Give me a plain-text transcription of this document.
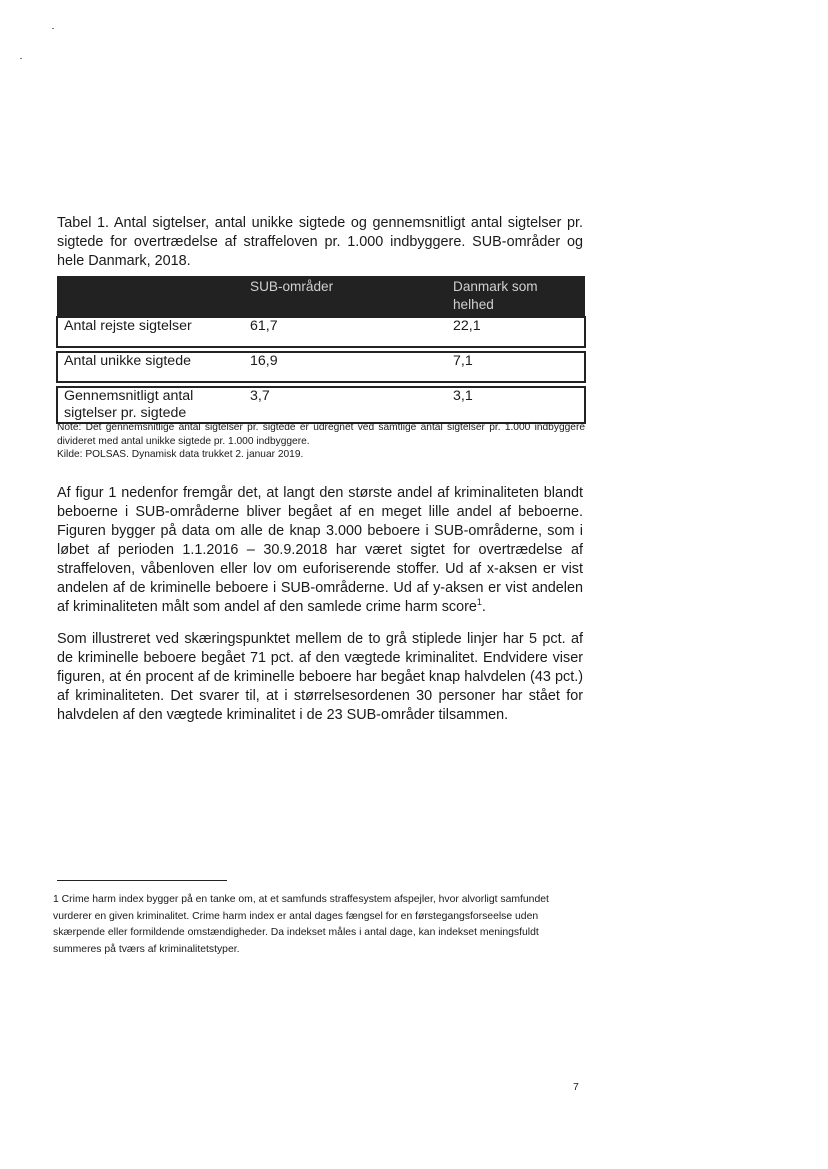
Tabel 1. Antal sigtelser, antal unikke sigtede og gennemsnitligt antal sigtelser pr. sigtede for overtrædelse af straffeloven pr. 1.000 indbyggere. SUB-områder og hele Danmark, 2018.

	SUB-områder	Danmark som helhed
Antal rejste sigtelser	61,7	22,1

Antal unikke sigtede	16,9	7,1

Gennemsnitligt antal sigtelser pr. sigtede	3,7	3,1
Note: Det gennemsnitlige antal sigtelser pr. sigtede er udregnet ved samtlige antal sigtelser pr. 1.000 indbyggere divideret med antal unikke sigtede pr. 1.000 indbyggere.
Kilde: POLSAS. Dynamisk data trukket 2. januar 2019.

Af figur 1 nedenfor fremgår det, at langt den største andel af kriminaliteten blandt beboerne i SUB-områderne bliver begået af en meget lille andel af beboerne. Figuren bygger på data om alle de knap 3.000 beboere i SUB-områderne, som i løbet af perioden 1.1.2016 – 30.9.2018 har været sigtet for overtrædelse af straffeloven, våbenloven eller lov om euforiserende stoffer. Ud af x-aksen er vist andelen af de kriminelle beboere i SUB-områderne. Ud af y-aksen er vist andelen af kriminaliteten målt som andel af den samlede crime harm score$^1$.

Som illustreret ved skæringspunktet mellem de to grå stiplede linjer har 5 pct. af de kriminelle beboere begået 71 pct. af den vægtede kriminalitet. Endvidere viser figuren, at én procent af de kriminelle beboere har begået knap halvdelen (43 pct.) af kriminaliteten. Det svarer til, at i størrelsesordenen 30 personer har stået for halvdelen af den vægtede kriminalitet i de 23 SUB-områder tilsammen.

1 Crime harm index bygger på en tanke om, at et samfunds straffesystem afspejler, hvor alvorligt samfundet vurderer en given kriminalitet. Crime harm index er antal dages fængsel for en førstegangsforseelse uden skærpende eller formildende omstændigheder. Da indekset måles i antal dage, kan indekset meningsfuldt summeres på tværs af kriminalitetstyper.
7
